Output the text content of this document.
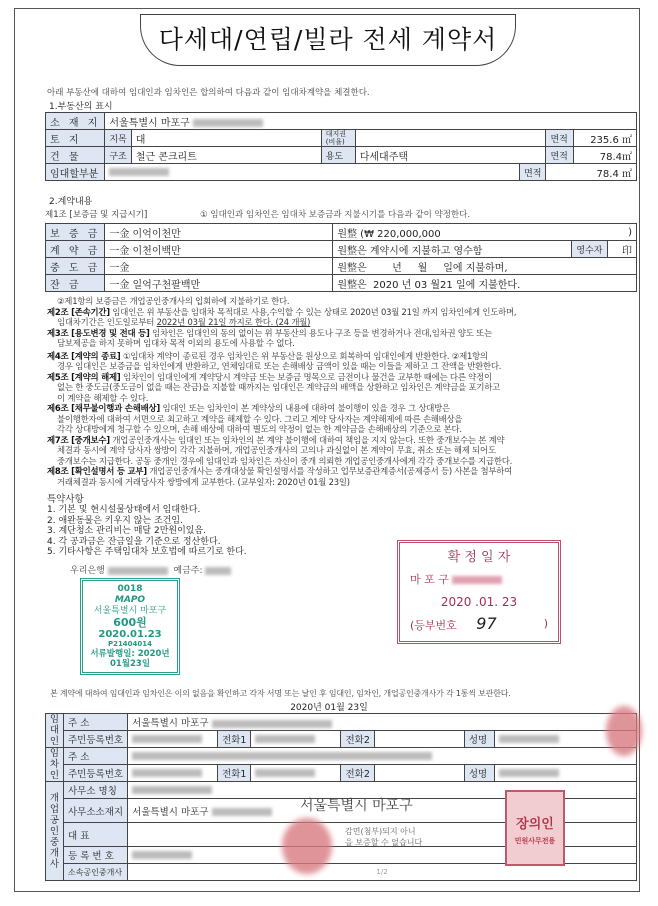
다세대/연립/빌라 전세 계약서
아래 부동산에 대하여 임대인과 임차인은 합의하여 다음과 같이 임대차계약을 체결한다.
1.부동산의 표시
소 재 지	서울특별시 마포구						
토 지	지목	대	대지권(비율)			면적	235.6 ㎡
건 물	구조	철근 콘크리트	용도	다세대주택		면적	78.4㎡
임대할부분					면적	78.4 ㎡	
2.계약내용
제1조 [보증금 및 지급시기]	① 임대인과 임차인은 임대차 보증금과 지불시기를 다음과 같이 약정한다.
보 증 금	一金 이억이천만	원整 (₩ 220,000,000		)
계 약 금	一金 이천이백만	원整은 계약시에 지불하고 영수함	영수자	印
중 도 금	一金	원整은        년     월     일에 지불하며,		
잔 금	一金 일억구천팔백만	원整은  2020 년 03 월21 일에 지불한다.		
②제1항의 보증금은 개업공인중개사의 입회하에 지불하기로 한다.
제2조 [존속기간] 임대인은 위 부동산을 임대차 목적대로 사용,수익할 수 있는 상태로 2020년 03월 21일 까지 임차인에게 인도하며,
임대차기간은 인도일로부터 2022년 03월 21일 까지로 한다. (24 개월)
제3조 [용도변경 및 전대 등] 임차인은 임대인의 동의 없이는 위 부동산의 용도나 구조 등을 변경하거나 전대,임차권 양도 또는
담보제공을 하지 못하며 임대차 목적 이외의 용도에 사용할 수 없다.
제4조 [계약의 종료] ①임대차 계약이 종료된 경우 임차인은 위 부동산을 원상으로 회복하여 임대인에게 반환한다. ②제1항의
경우 임대인은 보증금을 임차인에게 반환하고, 연체임대료 또는 손해배상 금액이 있을 때는 이들을 제하고 그 잔액을 반환한다.
제5조 [계약의 해제] 임차인이 임대인에게 계약당시 계약금 또는 보증금 명목으로 금전이나 물건을 교부한 때에는 다른 약정이
없는 한 중도금(중도금이 없을 때는 잔금)을 지불할 때까지는 임대인은 계약금의 배액을 상환하고 임차인은 계약금을 포기하고
이 계약을 해제할 수 있다.
제6조 [채무불이행과 손해배상] 임대인 또는 임차인이 본 계약상의 내용에 대하여 불이행이 있을 경우 그 상대방은
불이행한자에 대하여 서면으로 최고하고 계약을 해제할 수 있다. 그리고 계약 당사자는 계약해제에 따른 손해배상을
각각 상대방에게 청구할 수 있으며, 손해 배상에 대하여 별도의 약정이 없는 한 계약금을 손해배상의 기준으로 본다.
제7조 [중개보수] 개업공인중개사는 임대인 또는 임차인의 본 계약 불이행에 대하여 책임을 지지 않는다. 또한 중개보수는 본 계약
체결과 동시에 계약 당사자 쌍방이 각각 지불하며, 개업공인중개사의 고의나 과실없이 본 계약이 무효, 취소 또는 해제 되어도
중개보수는 지급한다. 공동 중개인 경우에 임대인과 임차인은 자신이 중개 의뢰한 개업공인중개사에게 각각 중개보수를 지급한다.
제8조 [확인설명서 등 교부] 개업공인중개사는 중개대상물 확인설명서를 작성하고 업무보증관계증서(공제증서 등) 사본을 첨부하여
거래체결과 동시에 거래당사자 쌍방에게 교부한다. (교부일자: 2020년 01월 23일)
특약사항
1. 기본 및 현시설물상태에서 임대한다.
2. 애완동물은 키우지 않는 조건임.
3. 계단청소 관리비는 매달 2만원이있음.
4. 각 공과금은 잔금일을 기준으로 정산한다.
5. 기타사항은 주택임대차 보호법에 따르기로 한다.
우리은행	예금주:
0018
MAPO
서울특별시 마포구
600원
2020.01.23
P21404014
서류발행일: 2020년01월23일
확 정 일 자
마 포 구
2020 .01. 23
(등부번호 97	)
본 계약에 대하여 임대인과 임차인은 이의 없음을 확인하고 각자 서명 또는 날인 후 임대인, 임차인, 개업공인중개사가 각 1통씩 보관한다.
2020년 01월 23일
임대인	주 소	서울특별시 마포구						
	주민등록번호		전화1		전화2		성명	
임차인	주 소							
	주민등록번호		전화1		전화2		성명	
개업공인중개사	사무소 명칭							
	사무소소재지	서울특별시 마포구						
	대 표							
	등 록 번 호							
	소속공인중개사	1/2						
서울특별시 마포구
감면(첨부)되지 아니
을 보증할 수 없습니다
장의인
민원사무전용
